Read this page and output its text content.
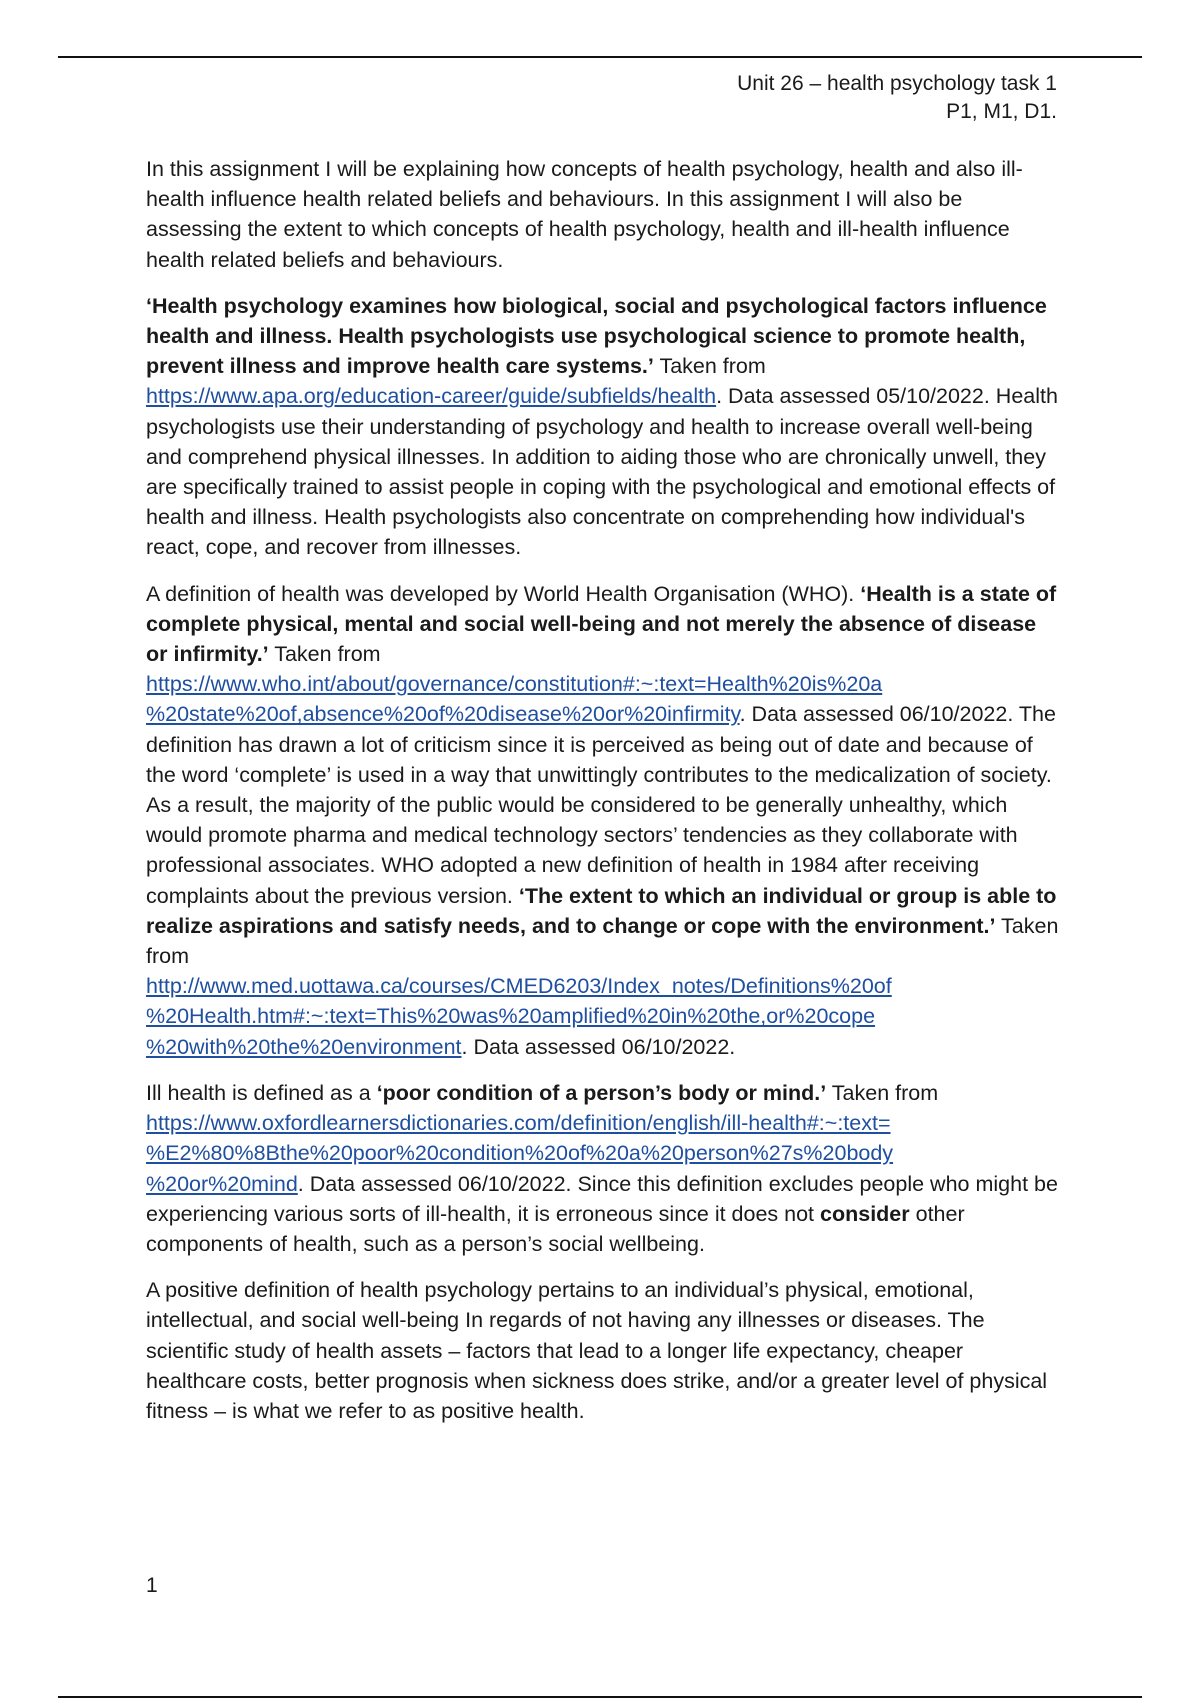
Unit 26 – health psychology task 1
P1, M1, D1.

In this assignment I will be explaining how concepts of health psychology, health and also ill-health influence health related beliefs and behaviours. In this assignment I will also be assessing the extent to which concepts of health psychology, health and ill-health influence health related beliefs and behaviours.

‘Health psychology examines how biological, social and psychological factors influence health and illness. Health psychologists use psychological science to promote health, prevent illness and improve health care systems.’ Taken from https://www.apa.org/education-career/guide/subfields/health. Data assessed 05/10/2022. Health psychologists use their understanding of psychology and health to increase overall well-being and comprehend physical illnesses. In addition to aiding those who are chronically unwell, they are specifically trained to assist people in coping with the psychological and emotional effects of health and illness. Health psychologists also concentrate on comprehending how individual's react, cope, and recover from illnesses.

A definition of health was developed by World Health Organisation (WHO). ‘Health is a state of complete physical, mental and social well-being and not merely the absence of disease or infirmity.’ Taken from
https://www.who.int/about/governance/constitution#:~:text=Health%20is%20a
%20state%20of,absence%20of%20disease%20or%20infirmity. Data assessed 06/10/2022. The definition has drawn a lot of criticism since it is perceived as being out of date and because of the word ‘complete’ is used in a way that unwittingly contributes to the medicalization of society. As a result, the majority of the public would be considered to be generally unhealthy, which would promote pharma and medical technology sectors’ tendencies as they collaborate with professional associates. WHO adopted a new definition of health in 1984 after receiving complaints about the previous version. ‘The extent to which an individual or group is able to realize aspirations and satisfy needs, and to change or cope with the environment.’ Taken from
http://www.med.uottawa.ca/courses/CMED6203/Index_notes/Definitions%20of
%20Health.htm#:~:text=This%20was%20amplified%20in%20the,or%20cope
%20with%20the%20environment. Data assessed 06/10/2022.

Ill health is defined as a ‘poor condition of a person’s body or mind.’ Taken from
https://www.oxfordlearnersdictionaries.com/definition/english/ill-health#:~:text=
%E2%80%8Bthe%20poor%20condition%20of%20a%20person%27s%20body
%20or%20mind. Data assessed 06/10/2022. Since this definition excludes people who might be experiencing various sorts of ill-health, it is erroneous since it does not consider other components of health, such as a person’s social wellbeing.

A positive definition of health psychology pertains to an individual’s physical, emotional, intellectual, and social well-being In regards of not having any illnesses or diseases. The scientific study of health assets – factors that lead to a longer life expectancy, cheaper healthcare costs, better prognosis when sickness does strike, and/or a greater level of physical fitness – is what we refer to as positive health.

1
